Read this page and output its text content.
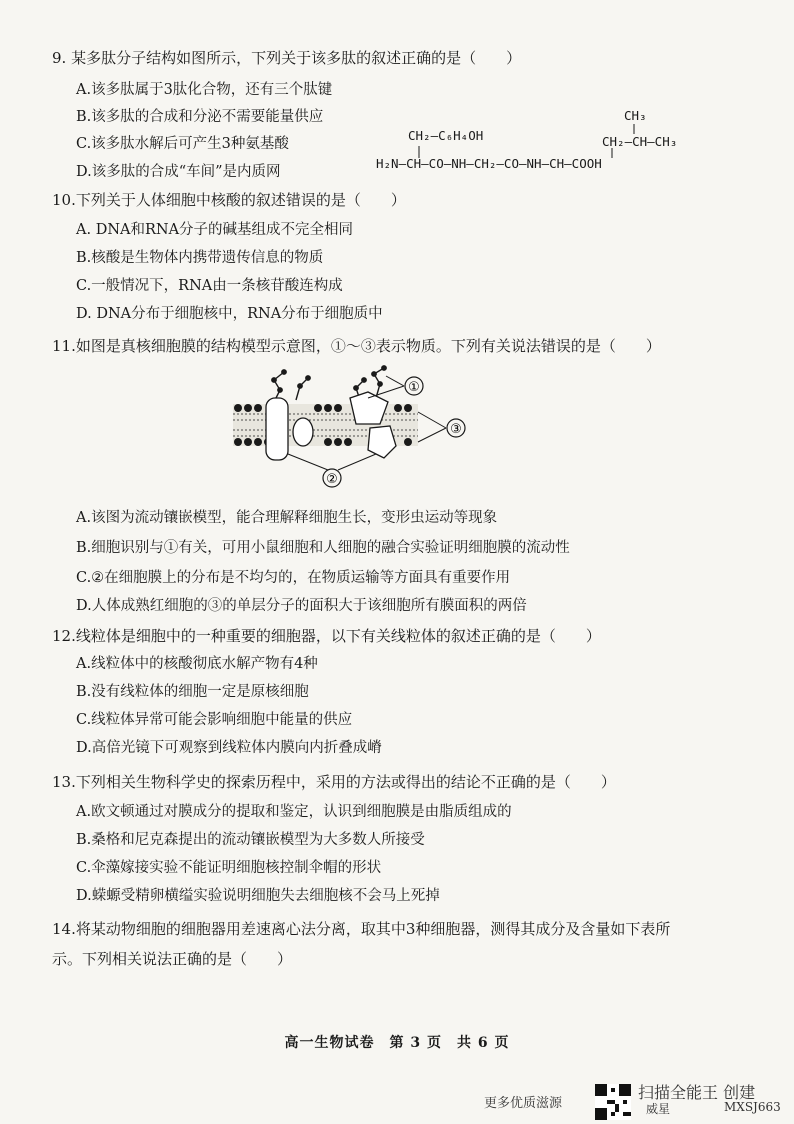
9. 某多肽分子结构如图所示，下列关于该多肽的叙述正确的是（　　）
A.该多肽属于3肽化合物，还有三个肽键
B.该多肽的合成和分泌不需要能量供应
C.该多肽水解后可产生3种氨基酸
D.该多肽的合成“车间”是内质网
CH₃
CH₂—CH—CH₃
CH₂—C₆H₄OH
H₂N—CH—CO—NH—CH₂—CO—NH—CH—COOH
10.下列关于人体细胞中核酸的叙述错误的是（　　）
A. DNA和RNA分子的碱基组成不完全相同
B.核酸是生物体内携带遗传信息的物质
C.一般情况下，RNA由一条核苷酸连构成
D. DNA分布于细胞核中，RNA分布于细胞质中
11.如图是真核细胞膜的结构模型示意图，①～③表示物质。下列有关说法错误的是（　　）
①
②
③
A.该图为流动镶嵌模型，能合理解释细胞生长，变形虫运动等现象
B.细胞识别与①有关，可用小鼠细胞和人细胞的融合实验证明细胞膜的流动性
C.②在细胞膜上的分布是不均匀的，在物质运输等方面具有重要作用
D.人体成熟红细胞的③的单层分子的面积大于该细胞所有膜面积的两倍
12.线粒体是细胞中的一种重要的细胞器，以下有关线粒体的叙述正确的是（　　）
A.线粒体中的核酸彻底水解产物有4种
B.没有线粒体的细胞一定是原核细胞
C.线粒体异常可能会影响细胞中能量的供应
D.高倍光镜下可观察到线粒体内膜向内折叠成嵴
13.下列相关生物科学史的探索历程中，采用的方法或得出的结论不正确的是（　　）
A.欧文顿通过对膜成分的提取和鉴定，认识到细胞膜是由脂质组成的
B.桑格和尼克森提出的流动镶嵌模型为大多数人所接受
C.伞藻嫁接实验不能证明细胞核控制伞帽的形状
D.蝾螈受精卵横缢实验说明细胞失去细胞核不会马上死掉
14.将某动物细胞的细胞器用差速离心法分离，取其中3种细胞器，测得其成分及含量如下表所示。下列相关说法正确的是（　　）
高一生物试卷　第 3 页　共 6 页
更多优质滋源
扫描全能王 创建
威星	MXSJ663
